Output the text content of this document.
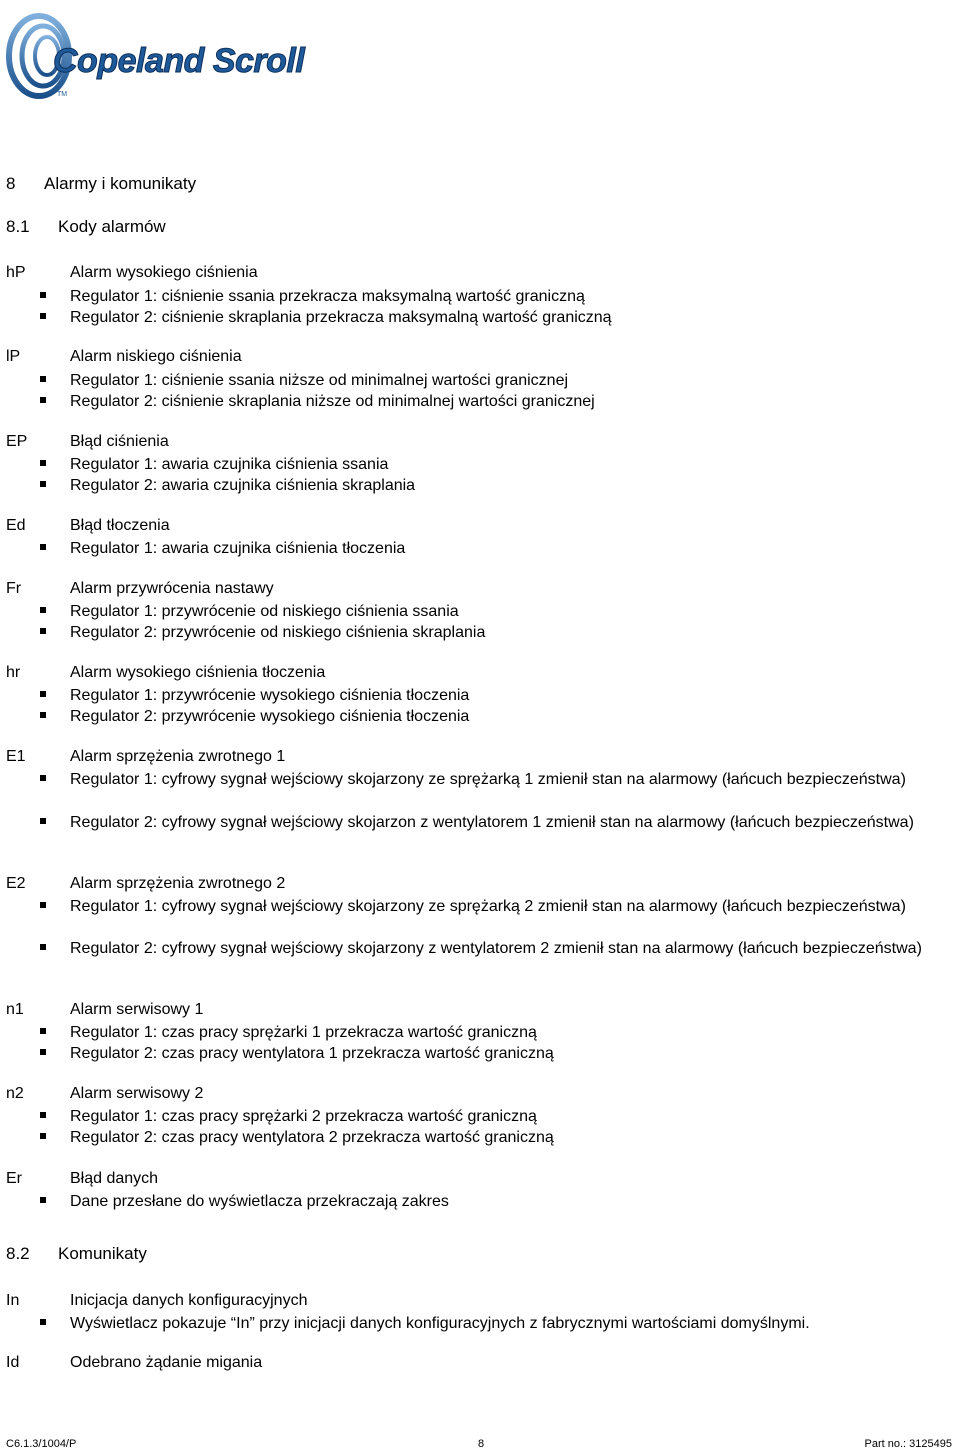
Copeland Scroll
TM
8 Alarmy i komunikaty
8.1 Kody alarmów
hP	Alarm wysokiego ciśnienia
Regulator 1: ciśnienie ssania przekracza maksymalną wartość graniczną
Regulator 2: ciśnienie skraplania przekracza maksymalną wartość graniczną
lP	Alarm niskiego ciśnienia
Regulator 1: ciśnienie ssania niższe od minimalnej wartości granicznej
Regulator 2: ciśnienie skraplania niższe od minimalnej wartości granicznej
EP	Błąd ciśnienia
Regulator 1: awaria czujnika ciśnienia ssania
Regulator 2: awaria czujnika ciśnienia skraplania
Ed	Błąd tłoczenia
Regulator 1: awaria czujnika ciśnienia tłoczenia
Fr	Alarm przywrócenia nastawy
Regulator 1: przywrócenie od niskiego ciśnienia ssania
Regulator 2: przywrócenie od niskiego ciśnienia skraplania
hr	Alarm wysokiego ciśnienia tłoczenia
Regulator 1: przywrócenie wysokiego ciśnienia tłoczenia
Regulator 2: przywrócenie wysokiego ciśnienia tłoczenia
E1	Alarm sprzężenia zwrotnego 1
Regulator 1: cyfrowy sygnał wejściowy skojarzony ze sprężarką 1 zmienił stan na alarmowy (łańcuch bezpieczeństwa)
Regulator 2: cyfrowy sygnał wejściowy skojarzon z wentylatorem 1 zmienił stan na alarmowy (łańcuch bezpieczeństwa)
E2	Alarm sprzężenia zwrotnego 2
Regulator 1: cyfrowy sygnał wejściowy skojarzony ze sprężarką 2 zmienił stan na alarmowy (łańcuch bezpieczeństwa)
Regulator 2: cyfrowy sygnał wejściowy skojarzony z wentylatorem 2 zmienił stan na alarmowy (łańcuch bezpieczeństwa)
n1	Alarm serwisowy 1
Regulator 1: czas pracy sprężarki 1 przekracza wartość graniczną
Regulator 2: czas pracy wentylatora 1 przekracza wartość graniczną
n2	Alarm serwisowy 2
Regulator 1: czas pracy sprężarki 2 przekracza wartość graniczną
Regulator 2: czas pracy wentylatora 2 przekracza wartość graniczną
Er	Błąd danych
Dane przesłane do wyświetlacza przekraczają zakres
8.2 Komunikaty
In	Inicjacja danych konfiguracyjnych
Wyświetlacz pokazuje “In” przy inicjacji danych konfiguracyjnych z fabrycznymi wartościami domyślnymi.
Id	Odebrano żądanie migania
C6.1.3/1004/P	8	Part no.: 3125495
